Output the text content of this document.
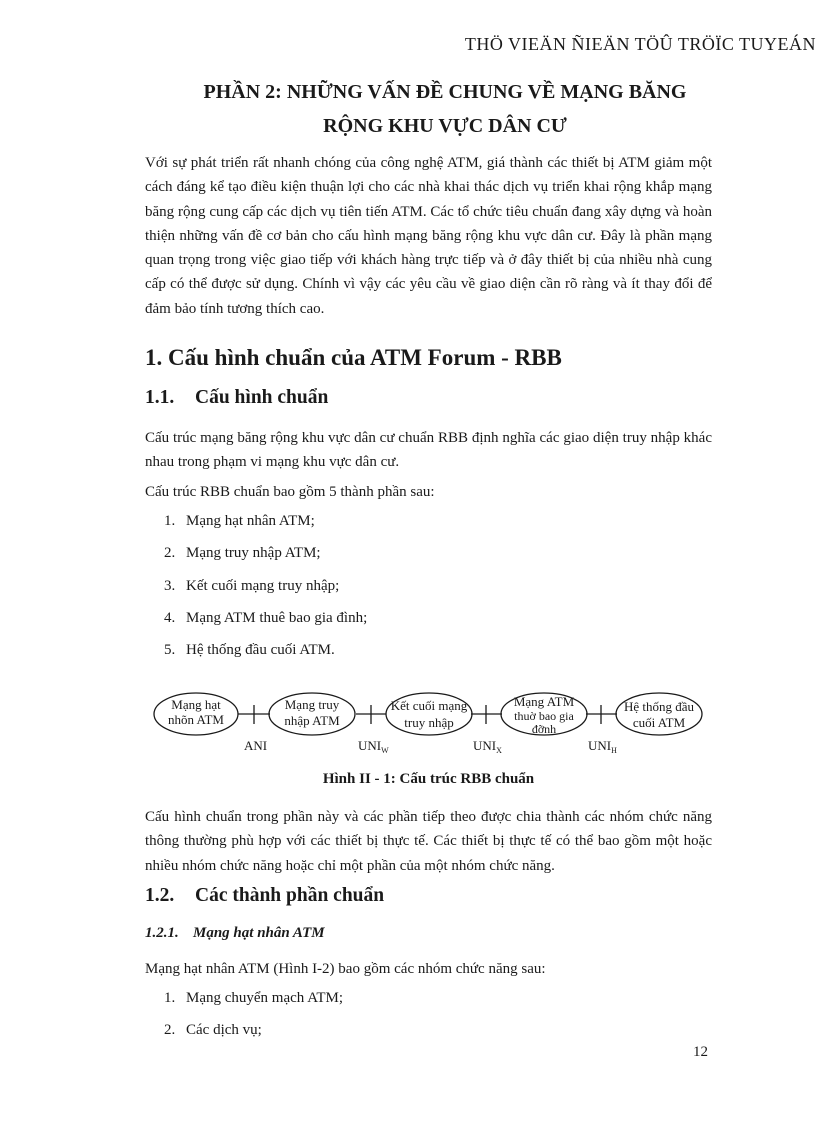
THÖ VIEÄN ÑIEÄN TÖÛ TRÖÏC TUYEÁN
PHẦN 2: NHỮNG VẤN ĐỀ CHUNG VỀ MẠNG BĂNG
RỘNG KHU VỰC DÂN CƯ

Với sự phát triển rất nhanh chóng của công nghệ ATM, giá thành các thiết bị ATM giảm một cách đáng kể tạo điều kiện thuận lợi cho các nhà khai thác dịch vụ triển khai rộng khắp mạng băng rộng cung cấp các dịch vụ tiên tiến ATM. Các tổ chức tiêu chuẩn đang xây dựng và hoàn thiện những vấn đề cơ bản cho cấu hình mạng băng rộng khu vực dân cư. Đây là phần mạng quan trọng trong việc giao tiếp với khách hàng trực tiếp và ở đây thiết bị của nhiều nhà cung cấp có thể được sử dụng. Chính vì vậy các yêu cầu về giao diện cần rõ ràng và ít thay đổi để đảm bảo tính tương thích cao.

1. Cấu hình chuẩn của ATM Forum - RBB
1.1. Cấu hình chuẩn

Cấu trúc mạng băng rộng khu vực dân cư chuẩn RBB định nghĩa các giao diện truy nhập khác nhau trong phạm vi mạng khu vực dân cư.

Cấu trúc RBB chuẩn bao gồm 5 thành phần sau:

1. Mạng hạt nhân ATM;
2. Mạng truy nhập ATM;
3. Kết cuối mạng truy nhập;
4. Mạng ATM thuê bao gia đình;
5. Hệ thống đầu cuối ATM.
Mạng hạt
nhõn ATM
Mạng truy
nhập ATM
Kết cuối mạng
truy nhập
Mạng ATM
thuờ bao gia
đỡnh
Hệ thống đầu
cuối ATM
ANI	$UNI_W$	$UNI_X$	$UNI_H$
Hình II - 1: Cấu trúc RBB chuẩn

Cấu hình chuẩn trong phần này và các phần tiếp theo được chia thành các nhóm chức năng thông thường phù hợp với các thiết bị thực tế. Các thiết bị thực tế có thể bao gồm một hoặc nhiều nhóm chức năng hoặc chỉ một phần của một nhóm chức năng.

1.2. Các thành phần chuẩn
1.2.1. Mạng hạt nhân ATM

Mạng hạt nhân ATM (Hình I-2) bao gồm các nhóm chức năng sau:

1. Mạng chuyển mạch ATM;
2. Các dịch vụ;
12
